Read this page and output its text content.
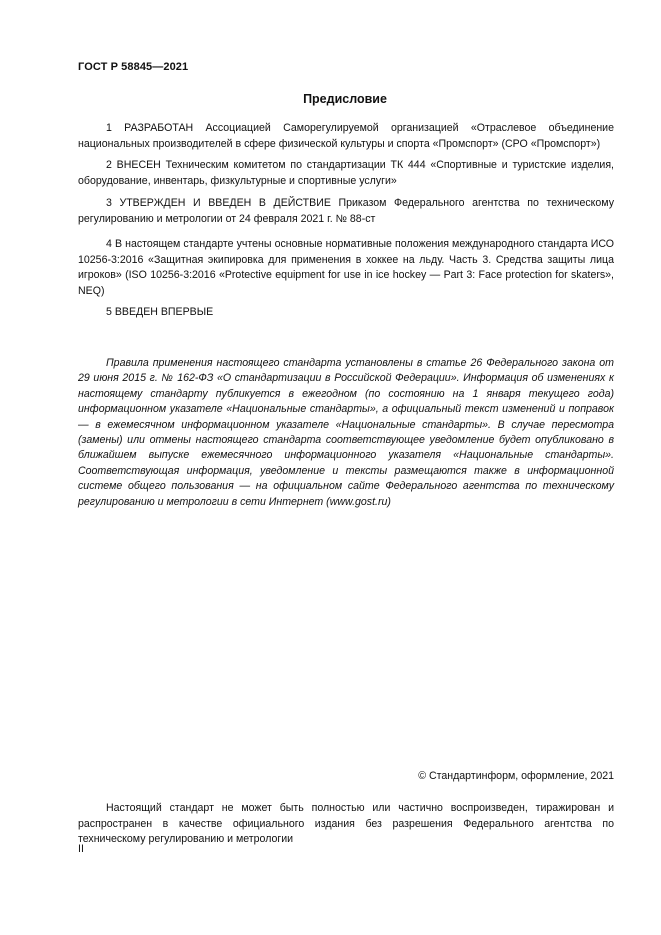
ГОСТ Р 58845—2021
Предисловие

1 РАЗРАБОТАН Ассоциацией Саморегулируемой организацией «Отраслевое объединение национальных производителей в сфере физической культуры и спорта «Промспорт» (СРО «Промспорт»)

2 ВНЕСЕН Техническим комитетом по стандартизации ТК 444 «Спортивные и туристские изделия, оборудование, инвентарь, физкультурные и спортивные услуги»

3 УТВЕРЖДЕН И ВВЕДЕН В ДЕЙСТВИЕ Приказом Федерального агентства по техническому регулированию и метрологии от 24 февраля 2021 г. № 88-ст

4 В настоящем стандарте учтены основные нормативные положения международного стандарта ИСО 10256-3:2016 «Защитная экипировка для применения в хоккее на льду. Часть 3. Средства защиты лица игроков» (ISO 10256-3:2016 «Protective equipment for use in ice hockey — Part 3: Face protection for skaters», NEQ)

5 ВВЕДЕН ВПЕРВЫЕ

Правила применения настоящего стандарта установлены в статье 26 Федерального закона от 29 июня 2015 г. № 162-ФЗ «О стандартизации в Российской Федерации». Информация об изменениях к настоящему стандарту публикуется в ежегодном (по состоянию на 1 января текущего года) информационном указателе «Национальные стандарты», а официальный текст изменений и поправок — в ежемесячном информационном указателе «Национальные стандарты». В случае пересмотра (замены) или отмены настоящего стандарта соответствующее уведомление будет опубликовано в ближайшем выпуске ежемесячного информационного указателя «Национальные стандарты». Соответствующая информация, уведомление и тексты размещаются также в информационной системе общего пользования — на официальном сайте Федерального агентства по техническому регулированию и метрологии в сети Интернет (www.gost.ru)

© Стандартинформ, оформление, 2021

Настоящий стандарт не может быть полностью или частично воспроизведен, тиражирован и распространен в качестве официального издания без разрешения Федерального агентства по техническому регулированию и метрологии

II
